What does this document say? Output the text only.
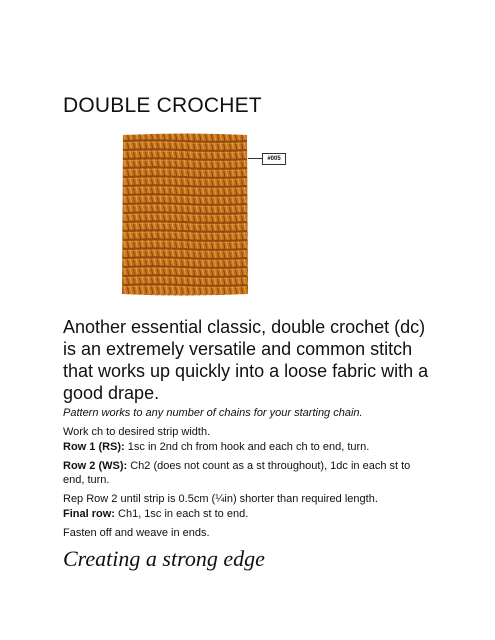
DOUBLE CROCHET
#005
Another essential classic, double crochet (dc) is an extremely versatile and common stitch that works up quickly into a loose fabric with a good drape.

Pattern works to any number of chains for your starting chain.

Work ch to desired strip width.

Row 1 (RS): 1sc in 2nd ch from hook and each ch to end, turn.

Row 2 (WS): Ch2 (does not count as a st throughout), 1dc in each st to end, turn.

Rep Row 2 until strip is 0.5cm (¼in) shorter than required length.

Final row: Ch1, 1sc in each st to end.

Fasten off and weave in ends.

Creating a strong edge
